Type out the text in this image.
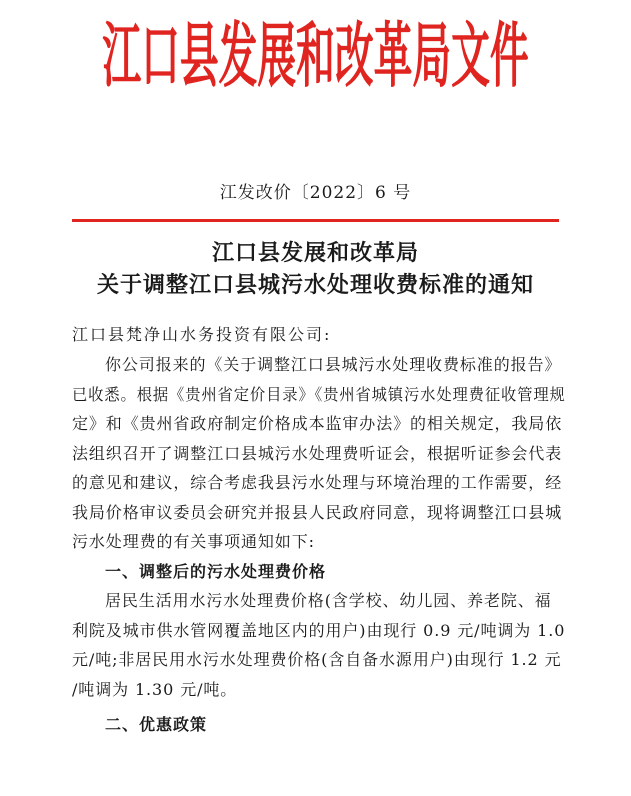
江口县发展和改革局文件
江发改价〔2022〕6 号
江口县发展和改革局
关于调整江口县城污水处理收费标准的通知
江口县梵净山水务投资有限公司:
你公司报来的《关于调整江口县城污水处理收费标准的报告》
已收悉。根据《贵州省定价目录》《贵州省城镇污水处理费征收管理规
定》和《贵州省政府制定价格成本监审办法》的相关规定，我局依
法组织召开了调整江口县城污水处理费听证会，根据听证参会代表
的意见和建议，综合考虑我县污水处理与环境治理的工作需要，经
我局价格审议委员会研究并报县人民政府同意，现将调整江口县城
污水处理费的有关事项通知如下:
一、调整后的污水处理费价格
居民生活用水污水处理费价格(含学校、幼儿园、养老院、福
利院及城市供水管网覆盖地区内的用户)由现行 0.9 元/吨调为 1.0
元/吨;非居民用水污水处理费价格(含自备水源用户)由现行 1.2 元
/吨调为 1.30 元/吨。
二、优惠政策
